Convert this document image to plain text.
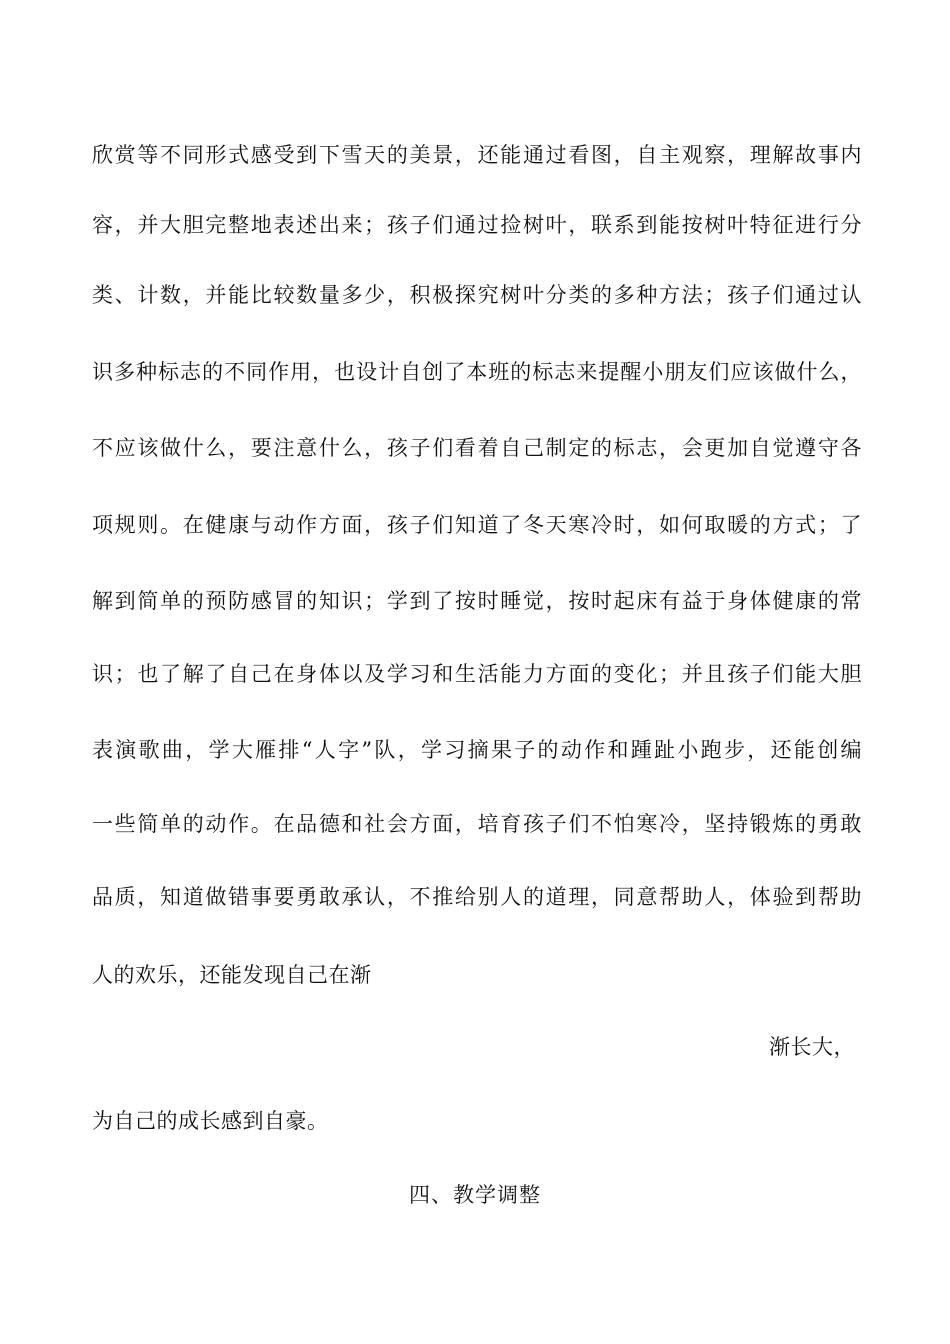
欣赏等不同形式感受到下雪天的美景，还能通过看图，自主观察，理解故事内
容，并大胆完整地表述出来；孩子们通过捡树叶，联系到能按树叶特征进行分
类、计数，并能比较数量多少，积极探究树叶分类的多种方法；孩子们通过认
识多种标志的不同作用，也设计自创了本班的标志来提醒小朋友们应该做什么，
不应该做什么，要注意什么，孩子们看着自己制定的标志，会更加自觉遵守各
项规则。在健康与动作方面，孩子们知道了冬天寒冷时，如何取暖的方式；了
解到简单的预防感冒的知识；学到了按时睡觉，按时起床有益于身体健康的常
识；也了解了自己在身体以及学习和生活能力方面的变化；并且孩子们能大胆
表演歌曲，学大雁排“人字”队，学习摘果子的动作和踵趾小跑步，还能创编
一些简单的动作。在品德和社会方面，培育孩子们不怕寒冷，坚持锻炼的勇敢
品质，知道做错事要勇敢承认，不推给别人的道理，同意帮助人，体验到帮助
人的欢乐，还能发现自己在渐
渐长大，
为自己的成长感到自豪。
四、教学调整
